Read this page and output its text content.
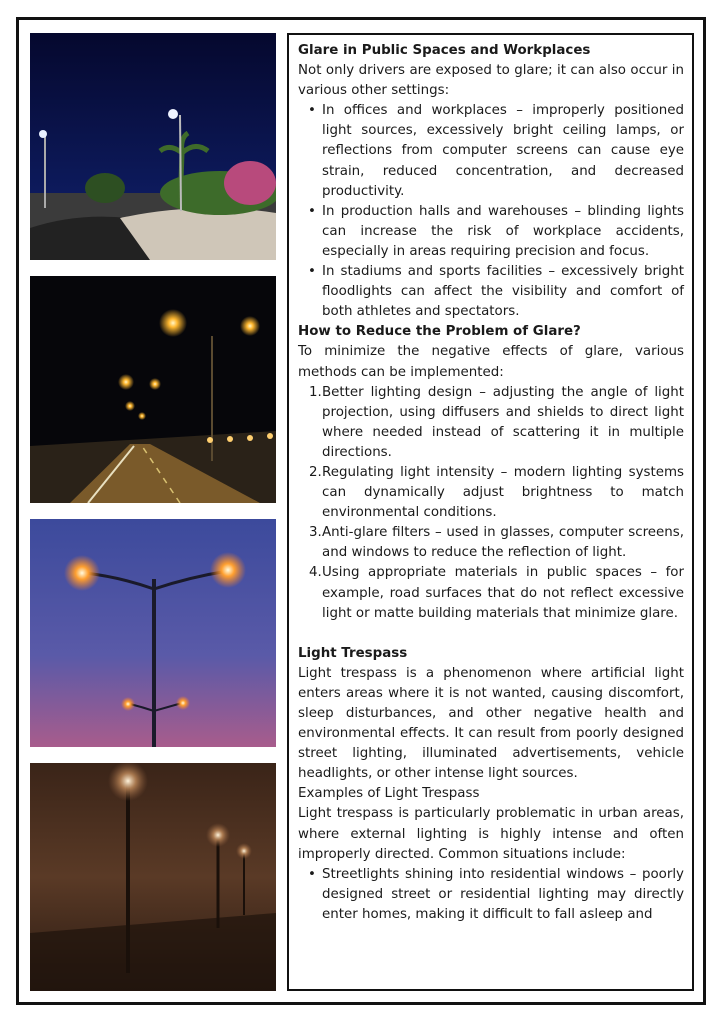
Glare in Public Spaces and Workplaces

Not only drivers are exposed to glare; it can also occur in various other settings:

• In offices and workplaces – improperly positioned light sources, excessively bright ceiling lamps, or reflections from computer screens can cause eye strain, reduced concentration, and decreased productivity.
• In production halls and warehouses – blinding lights can increase the risk of workplace accidents, especially in areas requiring precision and focus.
• In stadiums and sports facilities – excessively bright floodlights can affect the visibility and comfort of both athletes and spectators.

How to Reduce the Problem of Glare?

To minimize the negative effects of glare, various methods can be implemented:

1. Better lighting design – adjusting the angle of light projection, using diffusers and shields to direct light where needed instead of scattering it in multiple directions.
2. Regulating light intensity – modern lighting systems can dynamically adjust brightness to match environmental conditions.
3. Anti-glare filters – used in glasses, computer screens, and windows to reduce the reflection of light.
4. Using appropriate materials in public spaces – for example, road surfaces that do not reflect excessive light or matte building materials that minimize glare.

Light Trespass

Light trespass is a phenomenon where artificial light enters areas where it is not wanted, causing discomfort, sleep disturbances, and other negative health and environmental effects. It can result from poorly designed street lighting, illuminated advertisements, vehicle headlights, or other intense light sources.

Examples of Light Trespass

Light trespass is particularly problematic in urban areas, where external lighting is highly intense and often improperly directed. Common situations include:

• Streetlights shining into residential windows – poorly designed street or residential lighting may directly enter homes, making it difficult to fall asleep and
